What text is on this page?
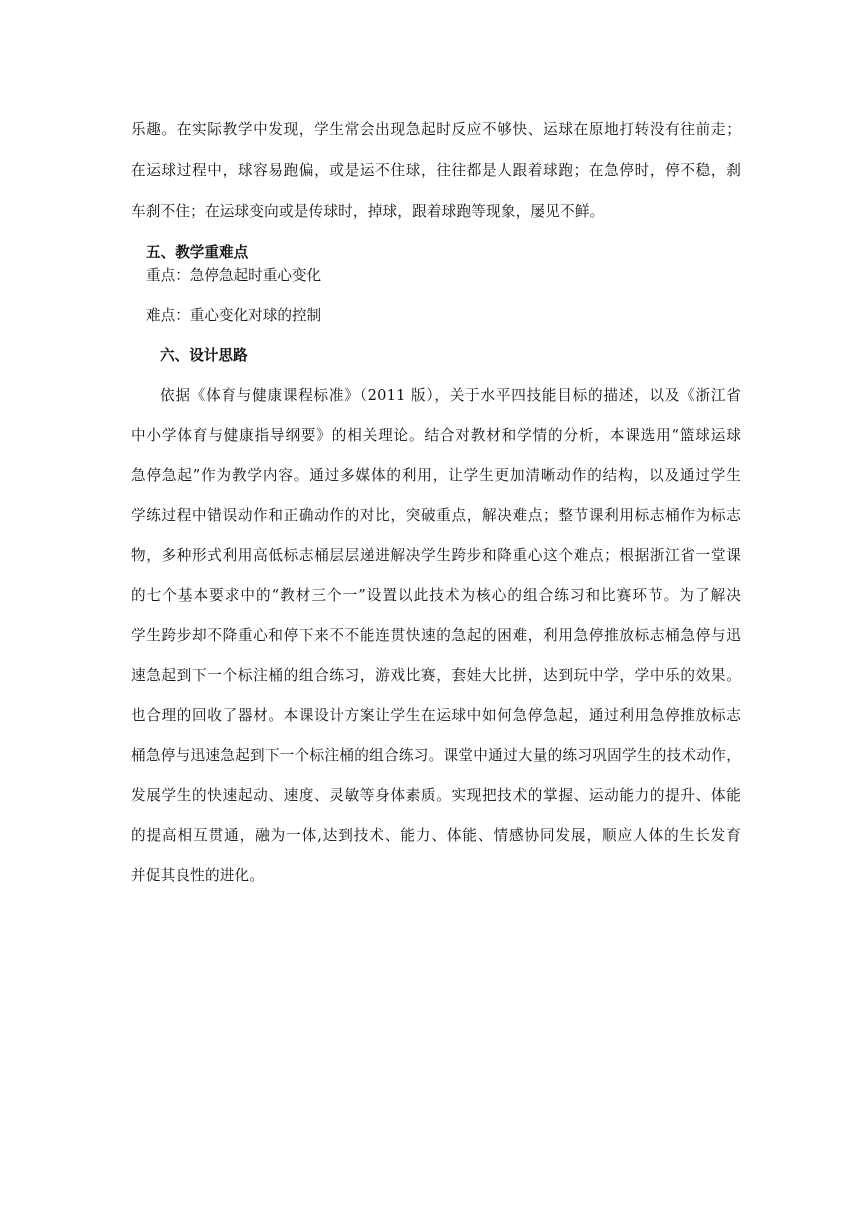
乐趣。在实际教学中发现，学生常会出现急起时反应不够快、运球在原地打转没有往前走；
在运球过程中，球容易跑偏，或是运不住球，往往都是人跟着球跑；在急停时，停不稳，刹
车刹不住；在运球变向或是传球时，掉球，跟着球跑等现象，屡见不鲜。
五、教学重难点
重点：急停急起时重心变化
难点：重心变化对球的控制
六、设计思路
依据《体育与健康课程标准》（2011 版），关于水平四技能目标的描述，以及《浙江省
中小学体育与健康指导纲要》的相关理论。结合对教材和学情的分析，本课选用“篮球运球
急停急起”作为教学内容。通过多媒体的利用，让学生更加清晰动作的结构，以及通过学生
学练过程中错误动作和正确动作的对比，突破重点，解决难点；整节课利用标志桶作为标志
物，多种形式利用高低标志桶层层递进解决学生跨步和降重心这个难点；根据浙江省一堂课
的七个基本要求中的“教材三个一”设置以此技术为核心的组合练习和比赛环节。为了解决
学生跨步却不降重心和停下来不不能连贯快速的急起的困难，利用急停推放标志桶急停与迅
速急起到下一个标注桶的组合练习，游戏比赛，套娃大比拼，达到玩中学，学中乐的效果。
也合理的回收了器材。本课设计方案让学生在运球中如何急停急起，通过利用急停推放标志
桶急停与迅速急起到下一个标注桶的组合练习。课堂中通过大量的练习巩固学生的技术动作，
发展学生的快速起动、速度、灵敏等身体素质。实现把技术的掌握、运动能力的提升、体能
的提高相互贯通，融为一体,达到技术、能力、体能、情感协同发展，顺应人体的生长发育
并促其良性的进化。
